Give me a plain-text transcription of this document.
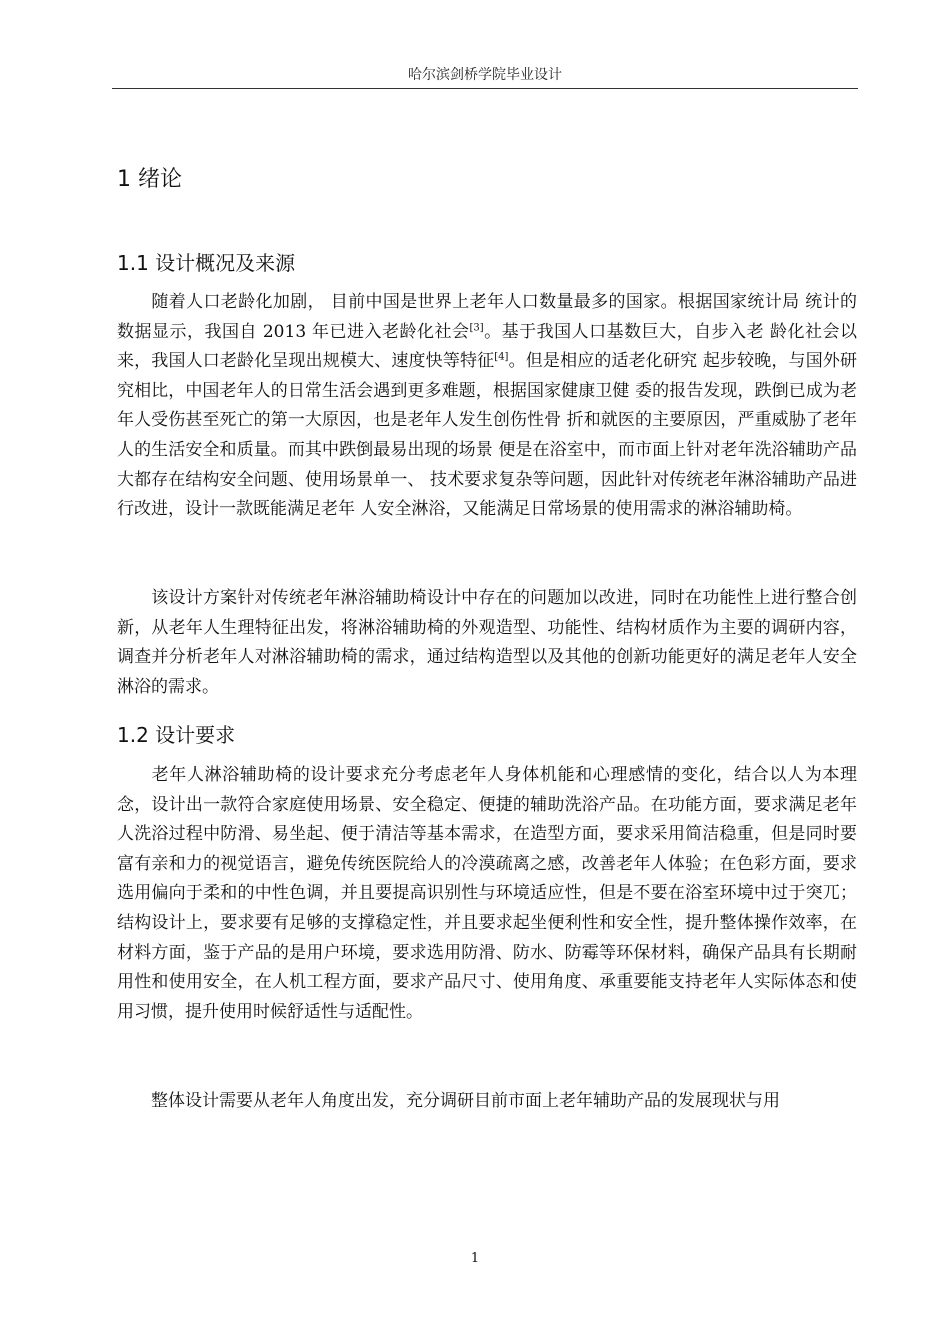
哈尔滨剑桥学院毕业设计
1 绪论
1.1 设计概况及来源

随着人口老龄化加剧， 目前中国是世界上老年人口数量最多的国家。根据国家统计局 统计的数据显示，我国自 2013 年已进入老龄化社会[3]。基于我国人口基数巨大，自步入老 龄化社会以来，我国人口老龄化呈现出规模大、速度快等特征[4]。但是相应的适老化研究 起步较晚，与国外研究相比，中国老年人的日常生活会遇到更多难题，根据国家健康卫健 委的报告发现，跌倒已成为老年人受伤甚至死亡的第一大原因，也是老年人发生创伤性骨 折和就医的主要原因，严重威胁了老年人的生活安全和质量。而其中跌倒最易出现的场景 便是在浴室中，而市面上针对老年洗浴辅助产品大都存在结构安全问题、使用场景单一、 技术要求复杂等问题，因此针对传统老年淋浴辅助产品进行改进，设计一款既能满足老年 人安全淋浴，又能满足日常场景的使用需求的淋浴辅助椅。

该设计方案针对传统老年淋浴辅助椅设计中存在的问题加以改进，同时在功能性上进行整合创新，从老年人生理特征出发，将淋浴辅助椅的外观造型、功能性、结构材质作为主要的调研内容，调查并分析老年人对淋浴辅助椅的需求，通过结构造型以及其他的创新功能更好的满足老年人安全淋浴的需求。

1.2 设计要求

老年人淋浴辅助椅的设计要求充分考虑老年人身体机能和心理感情的变化，结合以人为本理念，设计出一款符合家庭使用场景、安全稳定、便捷的辅助洗浴产品。在功能方面，要求满足老年人洗浴过程中防滑、易坐起、便于清洁等基本需求，在造型方面，要求采用简洁稳重，但是同时要富有亲和力的视觉语言，避免传统医院给人的冷漠疏离之感，改善老年人体验；在色彩方面，要求选用偏向于柔和的中性色调，并且要提高识别性与环境适应性，但是不要在浴室环境中过于突兀；结构设计上，要求要有足够的支撑稳定性，并且要求起坐便利性和安全性，提升整体操作效率，在材料方面，鉴于产品的是用户环境，要求选用防滑、防水、防霉等环保材料，确保产品具有长期耐用性和使用安全，在人机工程方面，要求产品尺寸、使用角度、承重要能支持老年人实际体态和使用习惯，提升使用时候舒适性与适配性。

整体设计需要从老年人角度出发，充分调研目前市面上老年辅助产品的发展现状与用

1
